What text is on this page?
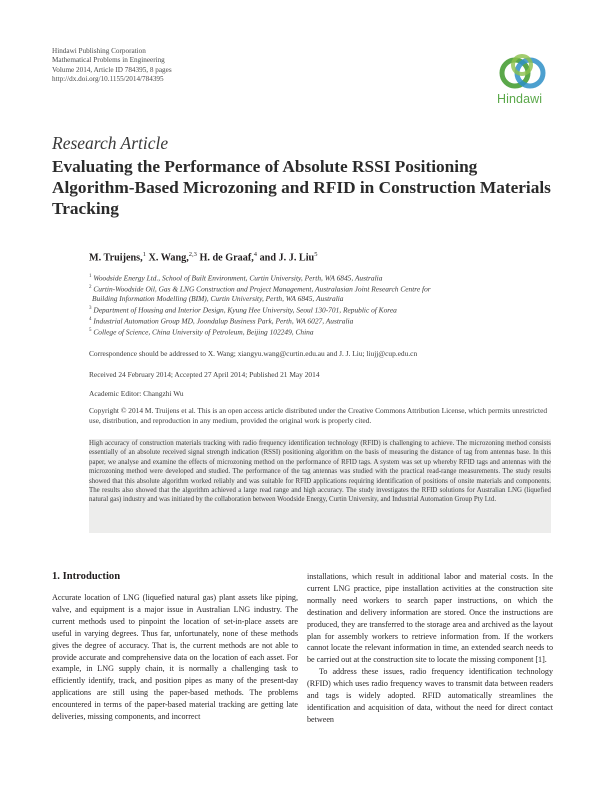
Hindawi Publishing Corporation
Mathematical Problems in Engineering
Volume 2014, Article ID 784395, 8 pages
http://dx.doi.org/10.1155/2014/784395
Hindawi
Research Article
Evaluating the Performance of Absolute RSSI Positioning Algorithm-Based Microzoning and RFID in Construction Materials Tracking
M. Truijens,$^1$ X. Wang,$^{2,3}$ H. de Graaf,$^4$ and J. J. Liu$^5$
$^1$ Woodside Energy Ltd., School of Built Environment, Curtin University, Perth, WA 6845, Australia
$^2$ Curtin-Woodside Oil, Gas & LNG Construction and Project Management, Australasian Joint Research Centre for
Building Information Modelling (BIM), Curtin University, Perth, WA 6845, Australia
$^3$ Department of Housing and Interior Design, Kyung Hee University, Seoul 130-701, Republic of Korea
$^4$ Industrial Automation Group MD, Joondalup Business Park, Perth, WA 6027, Australia
$^5$ College of Science, China University of Petroleum, Beijing 102249, China
Correspondence should be addressed to X. Wang; xiangyu.wang@curtin.edu.au and J. J. Liu; liujj@cup.edu.cn
Received 24 February 2014; Accepted 27 April 2014; Published 21 May 2014
Academic Editor: Changzhi Wu
Copyright © 2014 M. Truijens et al. This is an open access article distributed under the Creative Commons Attribution License, which permits unrestricted use, distribution, and reproduction in any medium, provided the original work is properly cited.

High accuracy of construction materials tracking with radio frequency identification technology (RFID) is challenging to achieve. The microzoning method consists essentially of an absolute received signal strength indication (RSSI) positioning algorithm on the basis of measuring the distance of tag from antennas base. In this paper, we analyse and examine the effects of microzoning method on the performance of RFID tags. A system was set up whereby RFID tags and antennas with the microzoning method were developed and studied. The performance of the tag antennas was studied with the practical read-range measurements. The study results showed that this absolute algorithm worked reliably and was suitable for RFID applications requiring identification of positions of onsite materials and components. The results also showed that the algorithm achieved a large read range and high accuracy. The study investigates the RFID solutions for Australian LNG (liquefied natural gas) industry and was initiated by the collaboration between Woodside Energy, Curtin University, and Industrial Automation Group Pty Ltd.

1. Introduction

Accurate location of LNG (liquefied natural gas) plant assets like piping, valve, and equipment is a major issue in Australian LNG industry. The current methods used to pinpoint the location of set-in-place assets are useful in varying degrees. Thus far, unfortunately, none of these methods gives the degree of accuracy. That is, the current methods are not able to provide accurate and comprehensive data on the location of each asset. For example, in LNG supply chain, it is normally a challenging task to efficiently identify, track, and position pipes as many of the present-day applications are still using the paper-based methods. The problems encountered in terms of the paper-based material tracking are getting late deliveries, missing components, and incorrect

installations, which result in additional labor and material costs. In the current LNG practice, pipe installation activities at the construction site normally need workers to search paper instructions, on which the destination and delivery information are stored. Once the instructions are produced, they are transferred to the storage area and archived as the layout plan for assembly workers to retrieve information from. If the workers cannot locate the relevant information in time, an extended search needs to be carried out at the construction site to locate the missing component [1].

To address these issues, radio frequency identification technology (RFID) which uses radio frequency waves to transmit data between readers and tags is widely adopted. RFID automatically streamlines the identification and acquisition of data, without the need for direct contact between
